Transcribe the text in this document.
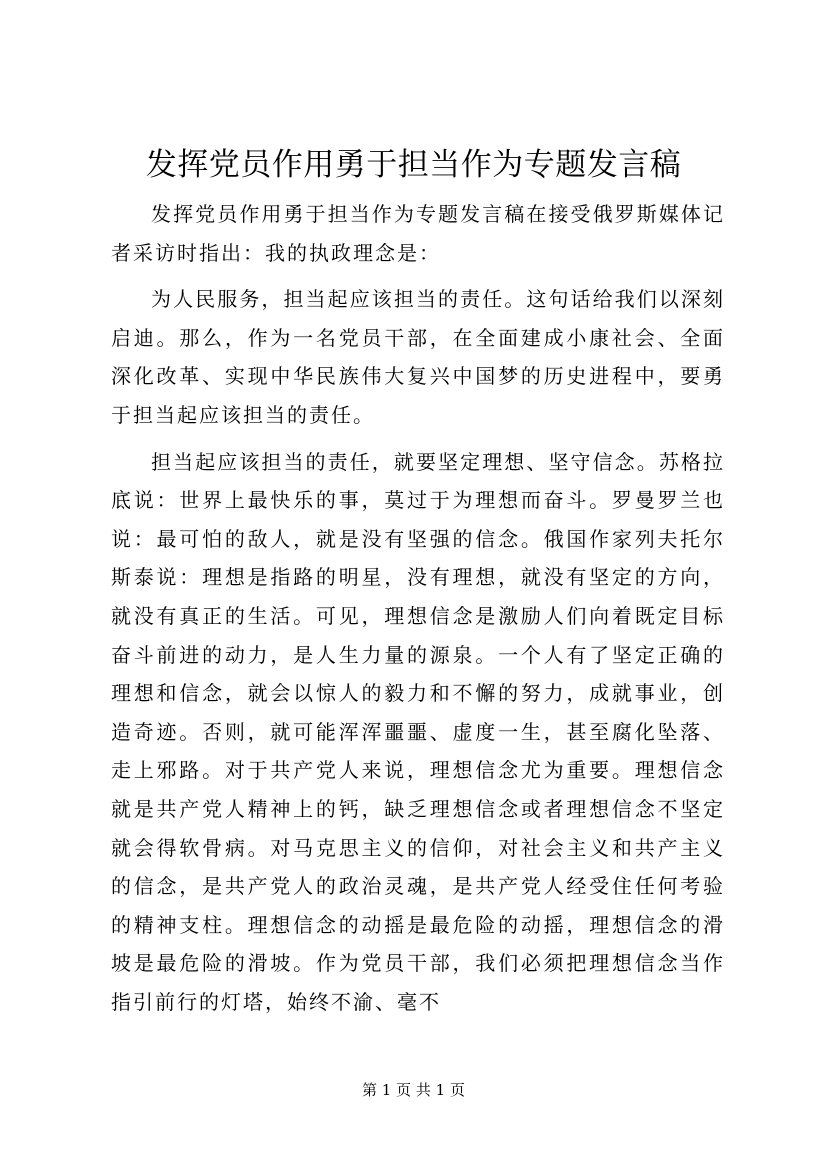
发挥党员作用勇于担当作为专题发言稿

发挥党员作用勇于担当作为专题发言稿在接受俄罗斯媒体记者采访时指出：我的执政理念是：

为人民服务，担当起应该担当的责任。这句话给我们以深刻启迪。那么，作为一名党员干部，在全面建成小康社会、全面深化改革、实现中华民族伟大复兴中国梦的历史进程中，要勇于担当起应该担当的责任。

担当起应该担当的责任，就要坚定理想、坚守信念。苏格拉底说：世界上最快乐的事，莫过于为理想而奋斗。罗曼罗兰也说：最可怕的敌人，就是没有坚强的信念。俄国作家列夫托尔斯泰说：理想是指路的明星，没有理想，就没有坚定的方向，就没有真正的生活。可见，理想信念是激励人们向着既定目标奋斗前进的动力，是人生力量的源泉。一个人有了坚定正确的理想和信念，就会以惊人的毅力和不懈的努力，成就事业，创造奇迹。否则，就可能浑浑噩噩、虚度一生，甚至腐化坠落、走上邪路。对于共产党人来说，理想信念尤为重要。理想信念就是共产党人精神上的钙，缺乏理想信念或者理想信念不坚定就会得软骨病。对马克思主义的信仰，对社会主义和共产主义的信念，是共产党人的政治灵魂，是共产党人经受住任何考验的精神支柱。理想信念的动摇是最危险的动摇，理想信念的滑坡是最危险的滑坡。作为党员干部，我们必须把理想信念当作指引前行的灯塔，始终不渝、毫不

第 1 页 共 1 页
